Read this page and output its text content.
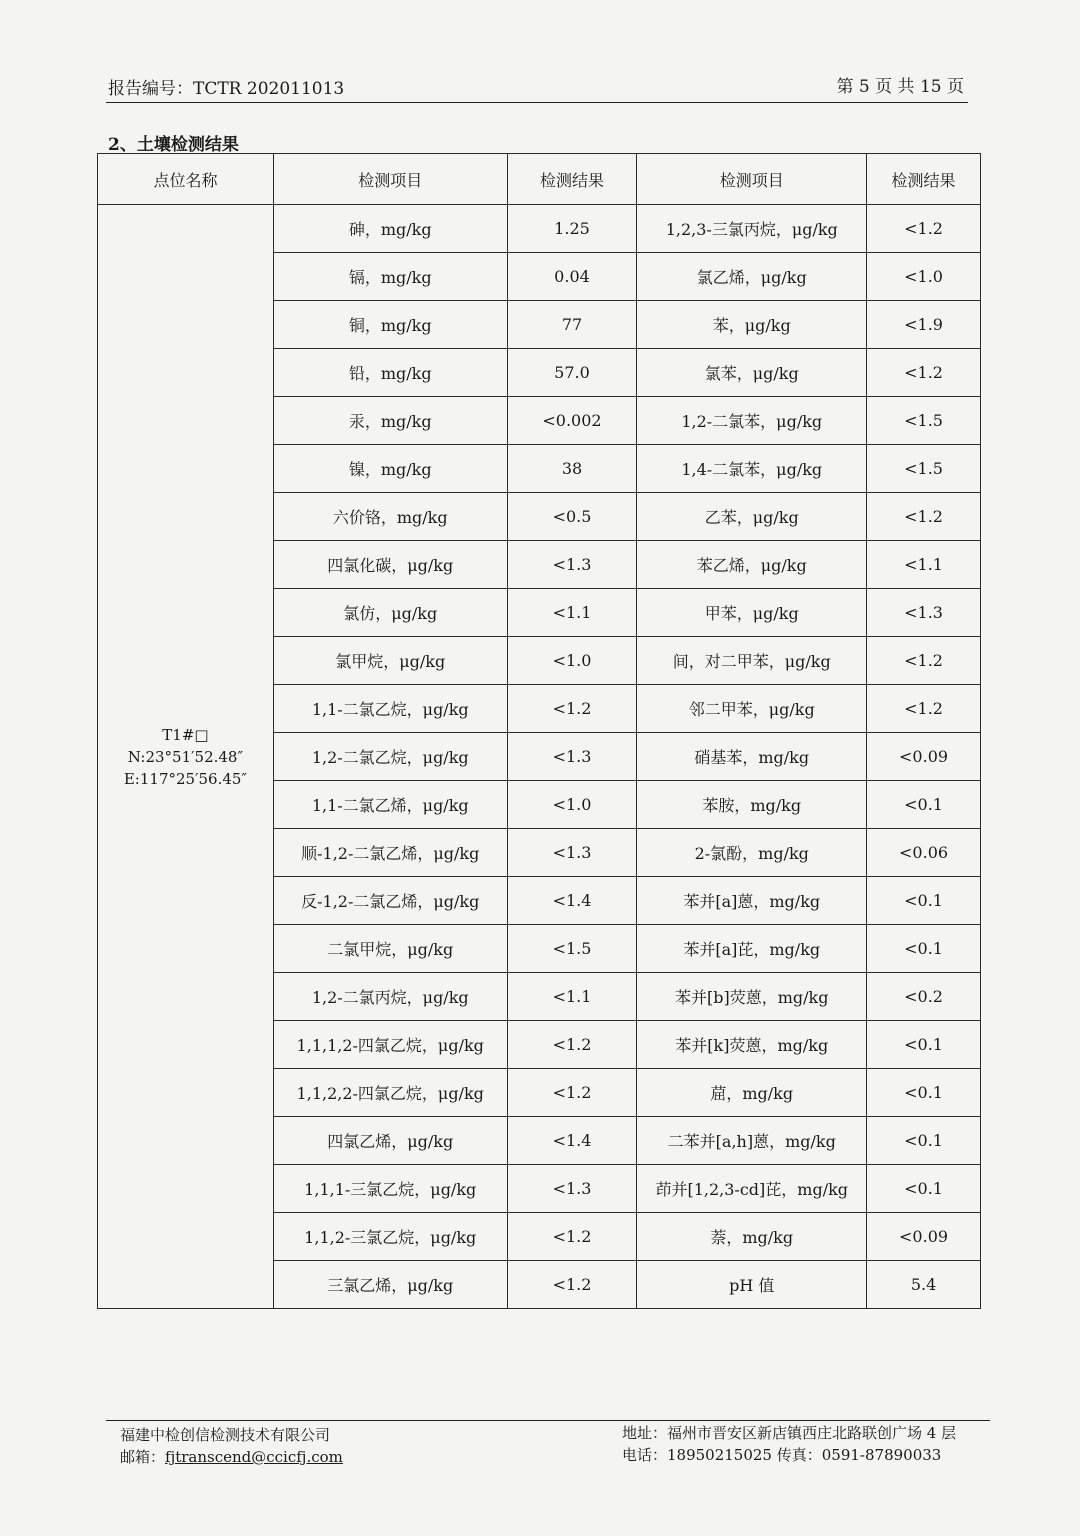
报告编号：TCTR 202011013	第 5 页 共 15 页
2、土壤检测结果
点位名称	检测项目	检测结果	检测项目	检测结果

T1#□
N:23°51′52.48″
E:117°25′56.45″	砷，mg/kg	1.25	1,2,3-三氯丙烷，μg/kg	<1.2
	镉，mg/kg	0.04	氯乙烯，μg/kg	<1.0
	铜，mg/kg	77	苯，μg/kg	<1.9
	铅，mg/kg	57.0	氯苯，μg/kg	<1.2
	汞，mg/kg	<0.002	1,2-二氯苯，μg/kg	<1.5
	镍，mg/kg	38	1,4-二氯苯，μg/kg	<1.5
	六价铬，mg/kg	<0.5	乙苯，μg/kg	<1.2
	四氯化碳，μg/kg	<1.3	苯乙烯，μg/kg	<1.1
	氯仿，μg/kg	<1.1	甲苯，μg/kg	<1.3
	氯甲烷，μg/kg	<1.0	间，对二甲苯，μg/kg	<1.2
	1,1-二氯乙烷，μg/kg	<1.2	邻二甲苯，μg/kg	<1.2
	1,2-二氯乙烷，μg/kg	<1.3	硝基苯，mg/kg	<0.09
	1,1-二氯乙烯，μg/kg	<1.0	苯胺，mg/kg	<0.1
	顺-1,2-二氯乙烯，μg/kg	<1.3	2-氯酚，mg/kg	<0.06
	反-1,2-二氯乙烯，μg/kg	<1.4	苯并[a]蒽，mg/kg	<0.1
	二氯甲烷，μg/kg	<1.5	苯并[a]芘，mg/kg	<0.1
	1,2-二氯丙烷，μg/kg	<1.1	苯并[b]荧蒽，mg/kg	<0.2
	1,1,1,2-四氯乙烷，μg/kg	<1.2	苯并[k]荧蒽，mg/kg	<0.1
	1,1,2,2-四氯乙烷，μg/kg	<1.2	䓛，mg/kg	<0.1
	四氯乙烯，μg/kg	<1.4	二苯并[a,h]蒽，mg/kg	<0.1
	1,1,1-三氯乙烷，μg/kg	<1.3	茚并[1,2,3-cd]芘，mg/kg	<0.1
	1,1,2-三氯乙烷，μg/kg	<1.2	萘，mg/kg	<0.09
	三氯乙烯，μg/kg	<1.2	pH 值	5.4
福建中检创信检测技术有限公司
邮箱：fjtranscend@ccicfj.com
地址：福州市晋安区新店镇西庄北路联创广场 4 层
电话：18950215025 传真：0591-87890033
